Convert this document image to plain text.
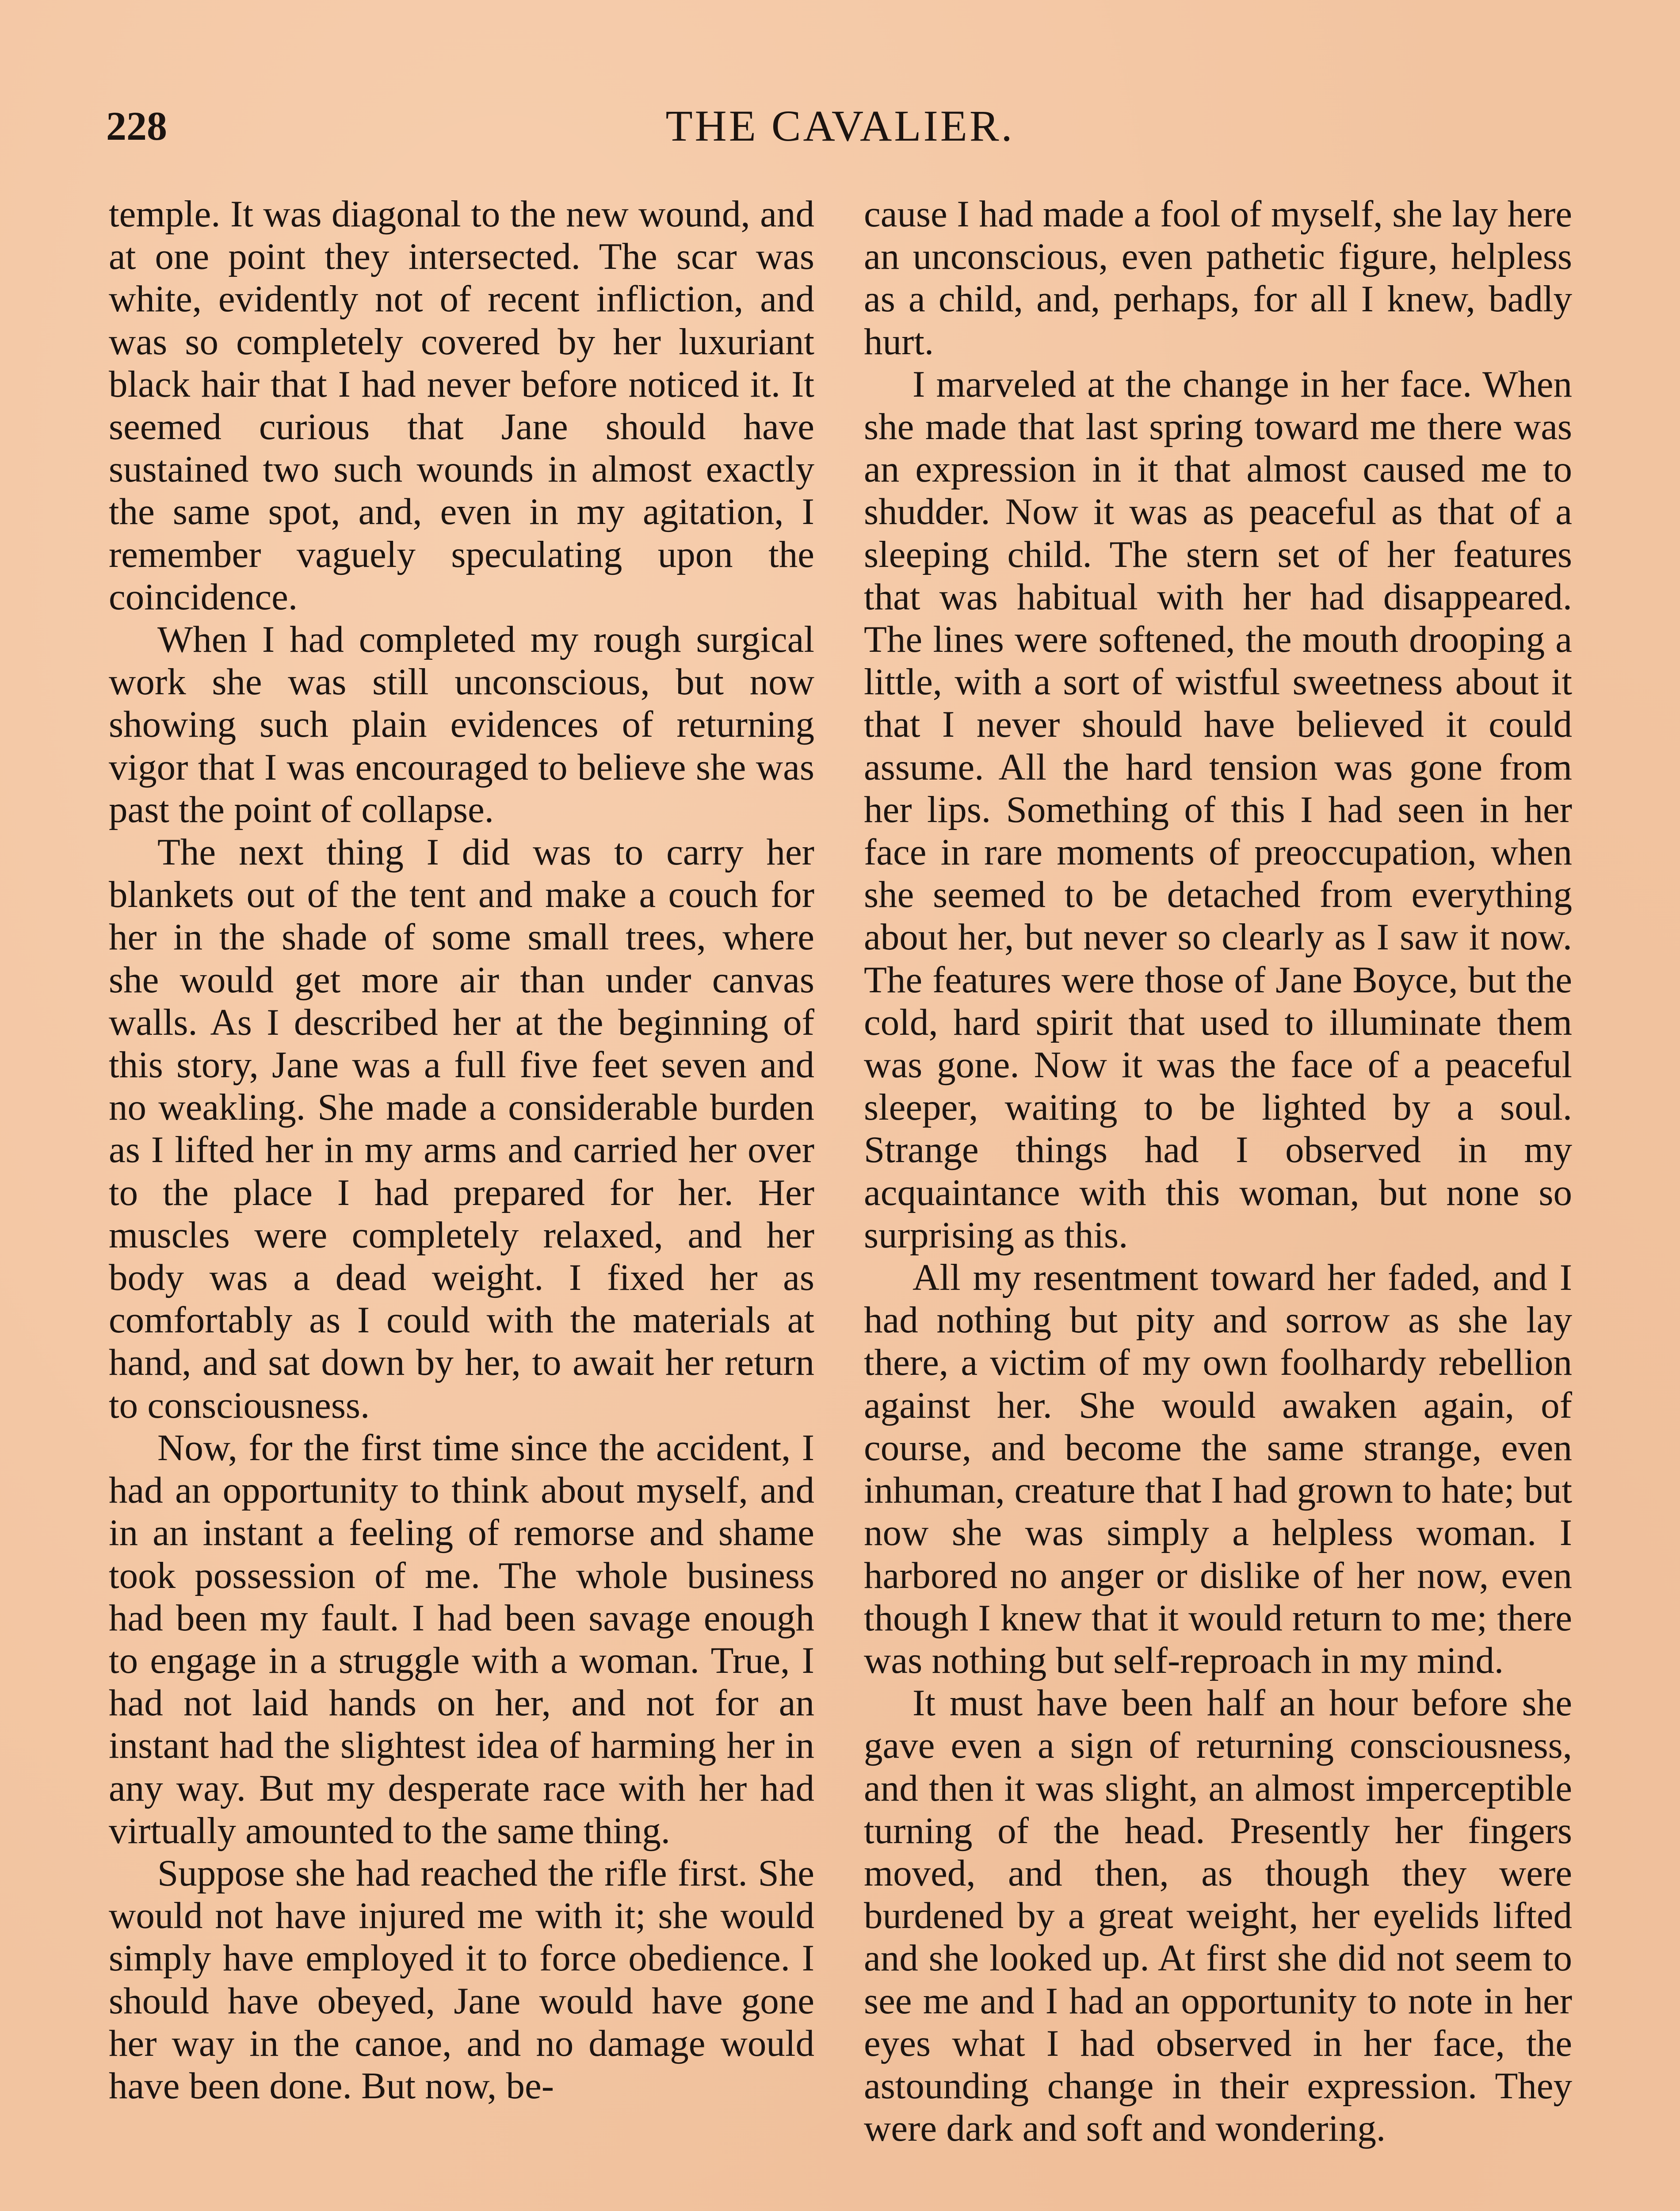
228	THE CAVALIER.

temple. It was diagonal to the new wound, and at one point they intersected. The scar was white, evidently not of recent infliction, and was so completely covered by her luxuriant black hair that I had never before noticed it. It seemed curious that Jane should have sustained two such wounds in almost exactly the same spot, and, even in my agitation, I remember vaguely speculating upon the coincidence.

When I had completed my rough surgical work she was still unconscious, but now showing such plain evidences of returning vigor that I was encouraged to believe she was past the point of collapse.

The next thing I did was to carry her blankets out of the tent and make a couch for her in the shade of some small trees, where she would get more air than under canvas walls. As I described her at the beginning of this story, Jane was a full five feet seven and no weakling. She made a considerable burden as I lifted her in my arms and carried her over to the place I had prepared for her. Her muscles were completely relaxed, and her body was a dead weight. I fixed her as comfortably as I could with the materials at hand, and sat down by her, to await her return to consciousness.

Now, for the first time since the accident, I had an opportunity to think about myself, and in an instant a feeling of remorse and shame took possession of me. The whole business had been my fault. I had been savage enough to engage in a struggle with a woman. True, I had not laid hands on her, and not for an instant had the slightest idea of harming her in any way. But my desperate race with her had virtually amounted to the same thing.

Suppose she had reached the rifle first. She would not have injured me with it; she would simply have employed it to force obedience. I should have obeyed, Jane would have gone her way in the canoe, and no damage would have been done. But now, be-

cause I had made a fool of myself, she lay here an unconscious, even pathetic figure, helpless as a child, and, perhaps, for all I knew, badly hurt.

I marveled at the change in her face. When she made that last spring toward me there was an expression in it that almost caused me to shudder. Now it was as peaceful as that of a sleeping child. The stern set of her features that was habitual with her had disappeared. The lines were softened, the mouth drooping a little, with a sort of wistful sweetness about it that I never should have believed it could assume. All the hard tension was gone from her lips. Something of this I had seen in her face in rare moments of preoccupation, when she seemed to be detached from everything about her, but never so clearly as I saw it now. The features were those of Jane Boyce, but the cold, hard spirit that used to illuminate them was gone. Now it was the face of a peaceful sleeper, waiting to be lighted by a soul. Strange things had I observed in my acquaintance with this woman, but none so surprising as this.

All my resentment toward her faded, and I had nothing but pity and sorrow as she lay there, a victim of my own foolhardy rebellion against her. She would awaken again, of course, and become the same strange, even inhuman, creature that I had grown to hate; but now she was simply a helpless woman. I harbored no anger or dislike of her now, even though I knew that it would return to me; there was nothing but self-reproach in my mind.

It must have been half an hour before she gave even a sign of returning consciousness, and then it was slight, an almost imperceptible turning of the head. Presently her fingers moved, and then, as though they were burdened by a great weight, her eyelids lifted and she looked up. At first she did not seem to see me and I had an opportunity to note in her eyes what I had observed in her face, the astounding change in their expression. They were dark and soft and wondering.
